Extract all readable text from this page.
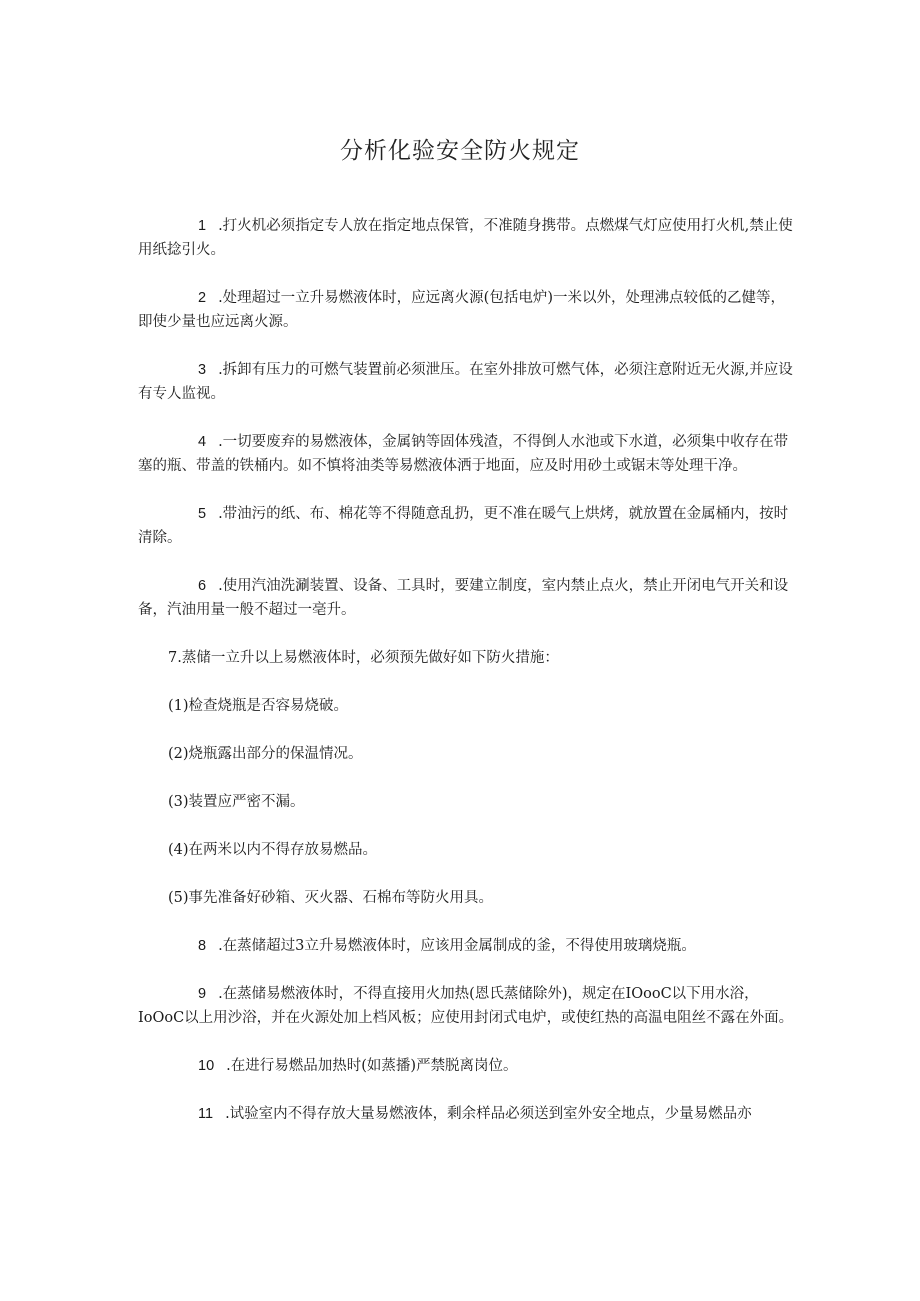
分析化验安全防火规定

1 .打火机必须指定专人放在指定地点保管，不准随身携带。点燃煤气灯应使用打火机,禁止使用纸捻引火。

2 .处理超过一立升易燃液体时，应远离火源(包括电炉)一米以外，处理沸点较低的乙健等，即使少量也应远离火源。

3 .拆卸有压力的可燃气装置前必须泄压。在室外排放可燃气体，必须注意附近无火源,并应设有专人监视。

4 .一切要废弃的易燃液体，金属钠等固体残渣，不得倒人水池或下水道，必须集中收存在带塞的瓶、带盖的铁桶内。如不慎将油类等易燃液体洒于地面，应及时用砂土或锯末等处理干净。

5 .带油污的纸、布、棉花等不得随意乱扔，更不准在暖气上烘烤，就放置在金属桶内，按时清除。

6 .使用汽油洗涮装置、设备、工具时，要建立制度，室内禁止点火，禁止开闭电气开关和设备，汽油用量一般不超过一亳升。

7.蒸储一立升以上易燃液体时，必须预先做好如下防火措施：

(1)检查烧瓶是否容易烧破。

(2)烧瓶露出部分的保温情况。

(3)装置应严密不漏。

(4)在两米以内不得存放易燃品。

(5)事先准备好砂箱、灭火器、石棉布等防火用具。

8 .在蒸储超过3立升易燃液体时，应该用金属制成的釜，不得使用玻璃烧瓶。

9 .在蒸储易燃液体时，不得直接用火加热(恩氏蒸储除外)，规定在IOooC以下用水浴，IoOoC以上用沙浴，并在火源处加上档风板；应使用封闭式电炉，或使红热的高温电阻丝不露在外面。

10 .在进行易燃品加热时(如蒸播)严禁脱离岗位。

11 .试验室内不得存放大量易燃液体，剩余样品必须送到室外安全地点，少量易燃品亦
